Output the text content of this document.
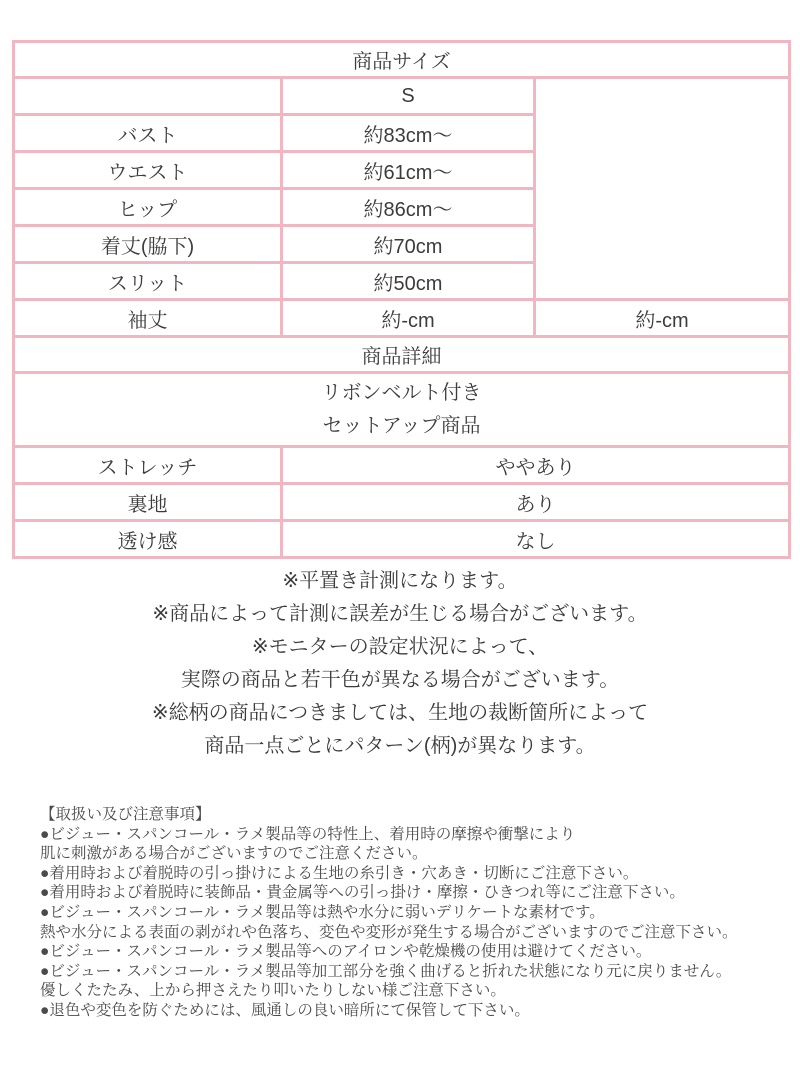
商品サイズ		
	S	
バスト	約83cm〜	
ウエスト	約61cm〜	
ヒップ	約86cm〜	
着丈(脇下)	約70cm	
スリット	約50cm	
袖丈	約-cm	約-cm
商品詳細		

リボンベルト付き
セットアップ商品		

ストレッチ	ややあり	
裏地	あり	
透け感	なし	
※平置き計測になります。
※商品によって計測に誤差が生じる場合がございます。
※モニターの設定状況によって、
実際の商品と若干色が異なる場合がございます。
※総柄の商品につきましては、生地の裁断箇所によって
商品一点ごとにパターン(柄)が異なります。
【取扱い及び注意事項】
●ビジュー・スパンコール・ラメ製品等の特性上、着用時の摩擦や衝撃により
肌に刺激がある場合がございますのでご注意ください。
●着用時および着脱時の引っ掛けによる生地の糸引き・穴あき・切断にご注意下さい。
●着用時および着脱時に装飾品・貴金属等への引っ掛け・摩擦・ひきつれ等にご注意下さい。
●ビジュー・スパンコール・ラメ製品等は熱や水分に弱いデリケートな素材です。
熱や水分による表面の剥がれや色落ち、変色や変形が発生する場合がございますのでご注意下さい。
●ビジュー・スパンコール・ラメ製品等へのアイロンや乾燥機の使用は避けてください。
●ビジュー・スパンコール・ラメ製品等加工部分を強く曲げると折れた状態になり元に戻りません。
優しくたたみ、上から押さえたり叩いたりしない様ご注意下さい。
●退色や変色を防ぐためには、風通しの良い暗所にて保管して下さい。
